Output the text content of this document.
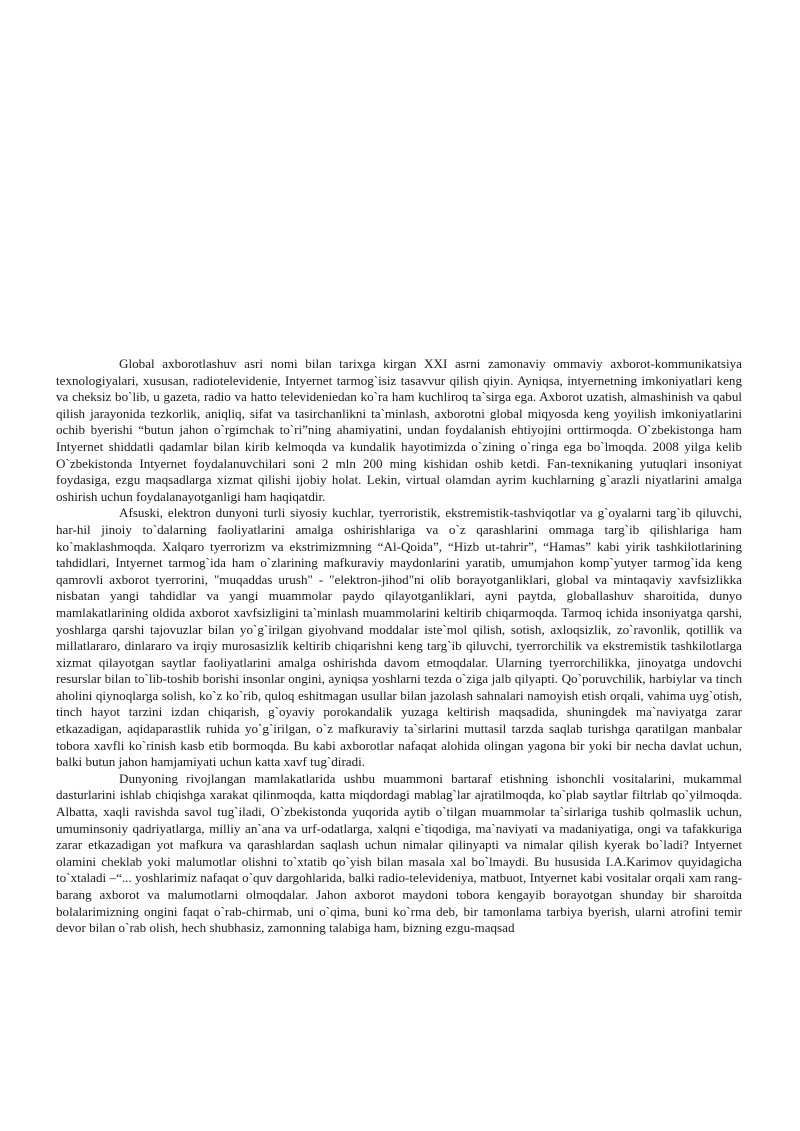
Global axborotlashuv asri nomi bilan tarixga kirgan XXI asrni zamonaviy ommaviy axborot-kommunikatsiya texnologiyalari, xususan, radiotelevidenie, Intyernet tarmog`isiz tasavvur qilish qiyin. Ayniqsa, intyernetning imkoniyatlari keng va cheksiz bo`lib, u gazeta, radio va hatto televideniedan ko`ra ham kuchliroq ta`sirga ega. Axborot uzatish, almashinish va qabul qilish jarayonida tezkorlik, aniqliq, sifat va tasirchanlikni ta`minlash, axborotni global miqyosda keng yoyilish imkoniyatlarini ochib byerishi “butun jahon o`rgimchak to`ri”ning ahamiyatini, undan foydalanish ehtiyojini orttirmoqda. O`zbekistonga ham Intyernet shiddatli qadamlar bilan kirib kelmoqda va kundalik hayotimizda o`zining o`ringa ega bo`lmoqda. 2008 yilga kelib O`zbekistonda Intyernet foydalanuvchilari soni 2 mln 200 ming kishidan oshib ketdi. Fan-texnikaning yutuqlari insoniyat foydasiga, ezgu maqsadlarga xizmat qilishi ijobiy holat. Lekin, virtual olamdan ayrim kuchlarning g`arazli niyatlarini amalga oshirish uchun foydalanayotganligi ham haqiqatdir.

Afsuski, elektron dunyoni turli siyosiy kuchlar, tyerroristik, ekstremistik-tashviqotlar va g`oyalarni targ`ib qiluvchi, har-hil jinoiy to`dalarning faoliyatlarini amalga oshirishlariga va o`z qarashlarini ommaga targ`ib qilishlariga ham ko`maklashmoqda. Xalqaro tyerrorizm va ekstrimizmning “Al-Qoida”, “Hizb ut-tahrir”, “Hamas” kabi yirik tashkilotlarining tahdidlari, Intyernet tarmog`ida ham o`zlarining mafkuraviy maydonlarini yaratib, umumjahon komp`yutyer tarmog`ida keng qamrovli axborot tyerrorini, "muqaddas urush" - "elektron-jihod"ni olib borayotganliklari, global va mintaqaviy xavfsizlikka nisbatan yangi tahdidlar va yangi muammolar paydo qilayotganliklari, ayni paytda, globallashuv sharoitida, dunyo mamlakatlarining oldida axborot xavfsizligini ta`minlash muammolarini keltirib chiqarmoqda. Tarmoq ichida insoniyatga qarshi, yoshlarga qarshi tajovuzlar bilan yo`g`irilgan giyohvand moddalar iste`mol qilish, sotish, axloqsizlik, zo`ravonlik, qotillik va millatlararo, dinlararo va irqiy murosasizlik keltirib chiqarishni keng targ`ib qiluvchi, tyerrorchilik va ekstremistik tashkilotlarga xizmat qilayotgan saytlar faoliyatlarini amalga oshirishda davom etmoqdalar. Ularning tyerrorchilikka, jinoyatga undovchi resurslar bilan to`lib-toshib borishi insonlar ongini, ayniqsa yoshlarni tezda o`ziga jalb qilyapti. Qo`poruvchilik, harbiylar va tinch aholini qiynoqlarga solish, ko`z ko`rib, quloq eshitmagan usullar bilan jazolash sahnalari namoyish etish orqali, vahima uyg`otish, tinch hayot tarzini izdan chiqarish, g`oyaviy porokandalik yuzaga keltirish maqsadida, shuningdek ma`naviyatga zarar etkazadigan, aqidaparastlik ruhida yo`g`irilgan, o`z mafkuraviy ta`sirlarini muttasil tarzda saqlab turishga qaratilgan manbalar tobora xavfli ko`rinish kasb etib bormoqda. Bu kabi axborotlar nafaqat alohida olingan yagona bir yoki bir necha davlat uchun, balki butun jahon hamjamiyati uchun katta xavf tug`diradi.

Dunyoning rivojlangan mamlakatlarida ushbu muammoni bartaraf etishning ishonchli vositalarini, mukammal dasturlarini ishlab chiqishga xarakat qilinmoqda, katta miqdordagi mablag`lar ajratilmoqda, ko`plab saytlar filtrlab qo`yilmoqda. Albatta, xaqli ravishda savol tug`iladi, O`zbekistonda yuqorida aytib o`tilgan muammolar ta`sirlariga tushib qolmaslik uchun, umuminsoniy qadriyatlarga, milliy an`ana va urf-odatlarga, xalqni e`tiqodiga, ma`naviyati va madaniyatiga, ongi va tafakkuriga zarar etkazadigan yot mafkura va qarashlardan saqlash uchun nimalar qilinyapti va nimalar qilish kyerak bo`ladi? Intyernet olamini cheklab yoki malumotlar olishni to`xtatib qo`yish bilan masala xal bo`lmaydi. Bu hususida I.A.Karimov quyidagicha to`xtaladi –“... yoshlarimiz nafaqat o`quv dargohlarida, balki radio-televideniya, matbuot, Intyernet kabi vositalar orqali xam rang-barang axborot va malumotlarni olmoqdalar. Jahon axborot maydoni tobora kengayib borayotgan shunday bir sharoitda bolalarimizning ongini faqat o`rab-chirmab, uni o`qima, buni ko`rma deb, bir tamonlama tarbiya byerish, ularni atrofini temir devor bilan o`rab olish, hech shubhasiz, zamonning talabiga ham, bizning ezgu-maqsad
